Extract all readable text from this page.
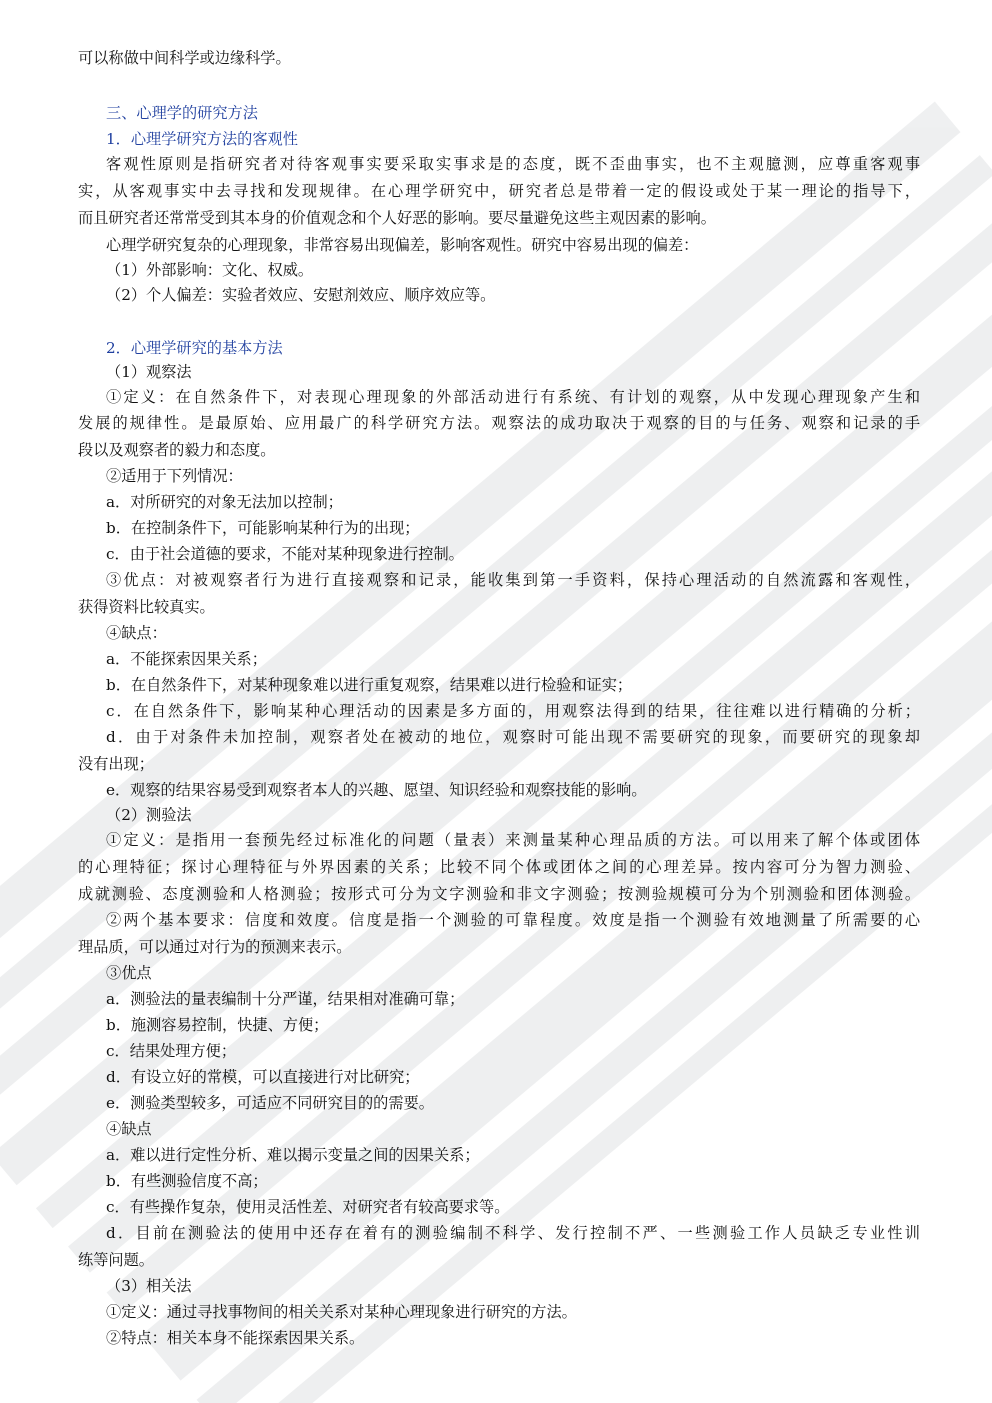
可以称做中间科学或边缘科学。
三、心理学的研究方法
1．心理学研究方法的客观性
客观性原则是指研究者对待客观事实要采取实事求是的态度，既不歪曲事实，也不主观臆测，应尊重客观事
实，从客观事实中去寻找和发现规律。在心理学研究中，研究者总是带着一定的假设或处于某一理论的指导下，
而且研究者还常常受到其本身的价值观念和个人好恶的影响。要尽量避免这些主观因素的影响。
心理学研究复杂的心理现象，非常容易出现偏差，影响客观性。研究中容易出现的偏差：
（1）外部影响：文化、权威。
（2）个人偏差：实验者效应、安慰剂效应、顺序效应等。
2．心理学研究的基本方法
（1）观察法
①定义：在自然条件下，对表现心理现象的外部活动进行有系统、有计划的观察，从中发现心理现象产生和
发展的规律性。是最原始、应用最广的科学研究方法。观察法的成功取决于观察的目的与任务、观察和记录的手
段以及观察者的毅力和态度。
②适用于下列情况：
a．对所研究的对象无法加以控制；
b．在控制条件下，可能影响某种行为的出现；
c．由于社会道德的要求，不能对某种现象进行控制。
③优点：对被观察者行为进行直接观察和记录，能收集到第一手资料，保持心理活动的自然流露和客观性，
获得资料比较真实。
④缺点：
a．不能探索因果关系；
b．在自然条件下，对某种现象难以进行重复观察，结果难以进行检验和证实；
c．在自然条件下，影响某种心理活动的因素是多方面的，用观察法得到的结果，往往难以进行精确的分析；
d．由于对条件未加控制，观察者处在被动的地位，观察时可能出现不需要研究的现象，而要研究的现象却
没有出现；
e．观察的结果容易受到观察者本人的兴趣、愿望、知识经验和观察技能的影响。
（2）测验法
①定义：是指用一套预先经过标准化的问题（量表）来测量某种心理品质的方法。可以用来了解个体或团体
的心理特征；探讨心理特征与外界因素的关系；比较不同个体或团体之间的心理差异。按内容可分为智力测验、
成就测验、态度测验和人格测验；按形式可分为文字测验和非文字测验；按测验规模可分为个别测验和团体测验。
②两个基本要求：信度和效度。信度是指一个测验的可靠程度。效度是指一个测验有效地测量了所需要的心
理品质，可以通过对行为的预测来表示。
③优点
a．测验法的量表编制十分严谨，结果相对准确可靠；
b．施测容易控制，快捷、方便；
c．结果处理方便；
d．有设立好的常模，可以直接进行对比研究；
e．测验类型较多，可适应不同研究目的的需要。
④缺点
a．难以进行定性分析、难以揭示变量之间的因果关系；
b．有些测验信度不高；
c．有些操作复杂，使用灵活性差、对研究者有较高要求等。
d．目前在测验法的使用中还存在着有的测验编制不科学、发行控制不严、一些测验工作人员缺乏专业性训
练等问题。
（3）相关法
①定义：通过寻找事物间的相关关系对某种心理现象进行研究的方法。
②特点：相关本身不能探索因果关系。
